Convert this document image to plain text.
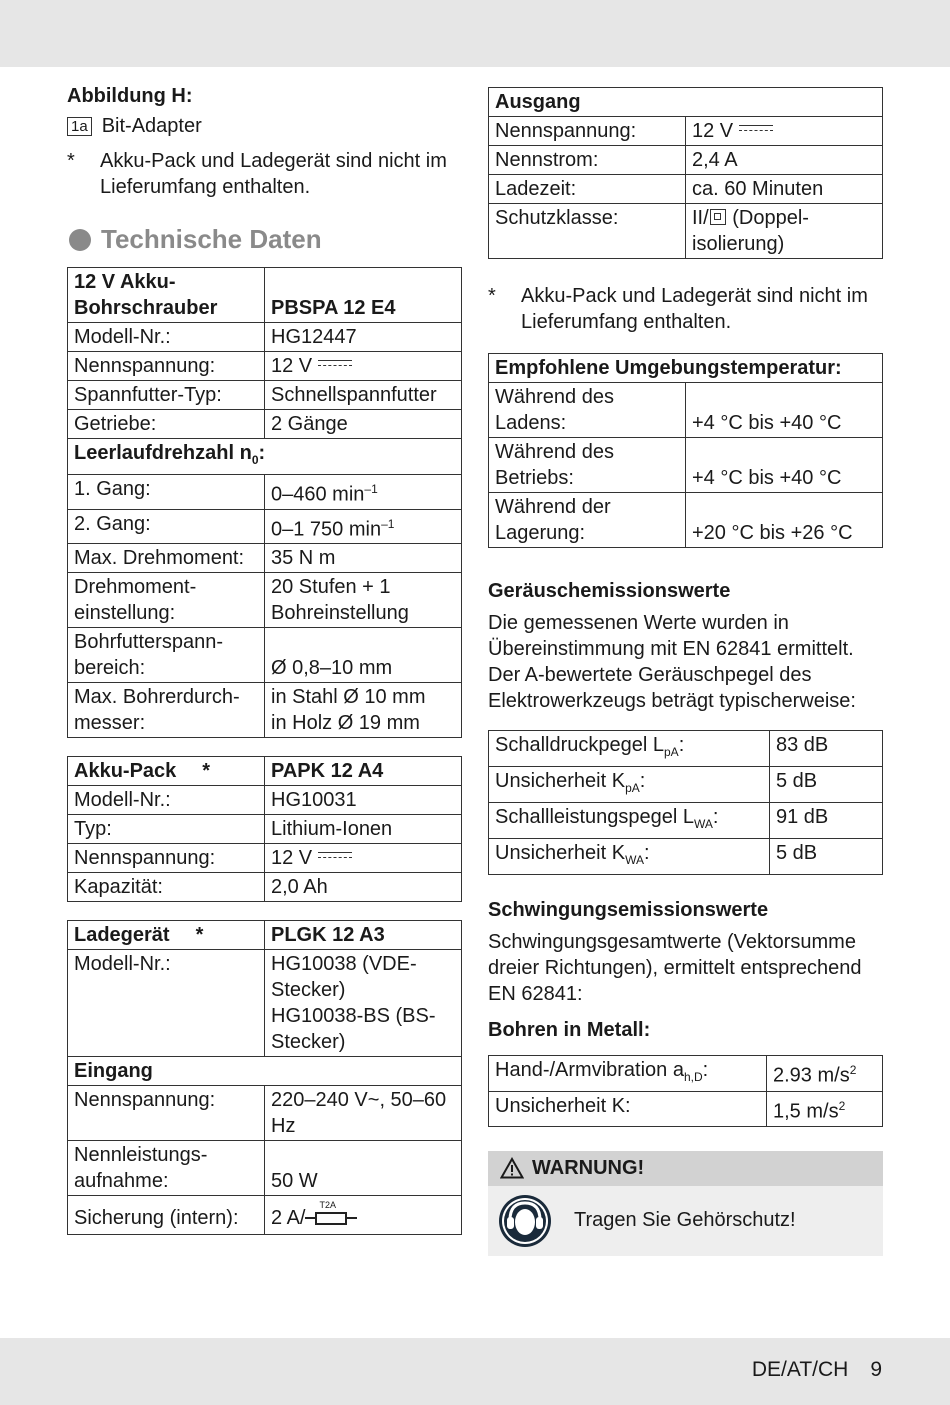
Abbildung H:
1a Bit-Adapter
*	Akku-Pack und Ladegerät sind nicht im Lieferumfang enthalten.
Technische Daten
12 V Akku-Bohrschrauber	PBSPA 12 E4
Modell-Nr.:	HG12447
Nennspannung:	12 V

Spannfutter-Typ:	Schnellspannfutter
Getriebe:	2 Gänge
Leerlaufdrehzahl $n_0$:	
1. Gang:	0–460 $\min^{-1}$
2. Gang:	0–1 750 $\min^{-1}$
Max. Drehmoment:	35 N m
Drehmoment-einstellung:	20 Stufen + 1 Bohreinstellung
Bohrfutterspann-bereich:	Ø 0,8–10 mm
Max. Bohrerdurch-messer:	in Stahl Ø 10 mm
in Holz Ø 19 mm
Akku-Pack *	PAPK 12 A4
Modell-Nr.:	HG10031
Typ:	Lithium-Ionen
Nennspannung:	12 V

Kapazität:	2,0 Ah
Ladegerät *	PLGK 12 A3
Modell-Nr.:	HG10038 (VDE-Stecker)
HG10038-BS (BS-Stecker)

Eingang	
Nennspannung:	220–240 V~, 50–60 Hz
Nennleistungs-aufnahme:	50 W
Sicherung (intern):	2 A/
T2A
Ausgang	
Nennspannung:	12 V

Nennstrom:	2,4 A
Ladezeit:	ca. 60 Minuten
Schutzklasse:	II/ (Doppel-isolierung)
*	Akku-Pack und Ladegerät sind nicht im Lieferumfang enthalten.
Empfohlene Umgebungstemperatur:	
Während des Ladens:	+4 °C bis +40 °C
Während des Betriebs:	+4 °C bis +40 °C
Während der Lagerung:	+20 °C bis +26 °C
Geräuschemissionswerte
Die gemessenen Werte wurden in Übereinstimmung mit EN 62841 ermittelt. Der A-bewertete Geräuschpegel des Elektrowerkzeugs beträgt typischerweise:
Schalldruckpegel $L_{pA}$:	83 dB
Unsicherheit $K_{pA}$:	5 dB
Schallleistungspegel $L_{WA}$:	91 dB
Unsicherheit $K_{WA}$:	5 dB
Schwingungsemissionswerte
Schwingungsgesamtwerte (Vektorsumme dreier Richtungen), ermittelt entsprechend EN 62841:
Bohren in Metall:
Hand-/Armvibration $a_{h,D}$:	2.93 $m/s^2$
Unsicherheit K:	1,5 $m/s^2$
WARNUNG!
Tragen Sie Gehörschutz!
DE/AT/CH 9
